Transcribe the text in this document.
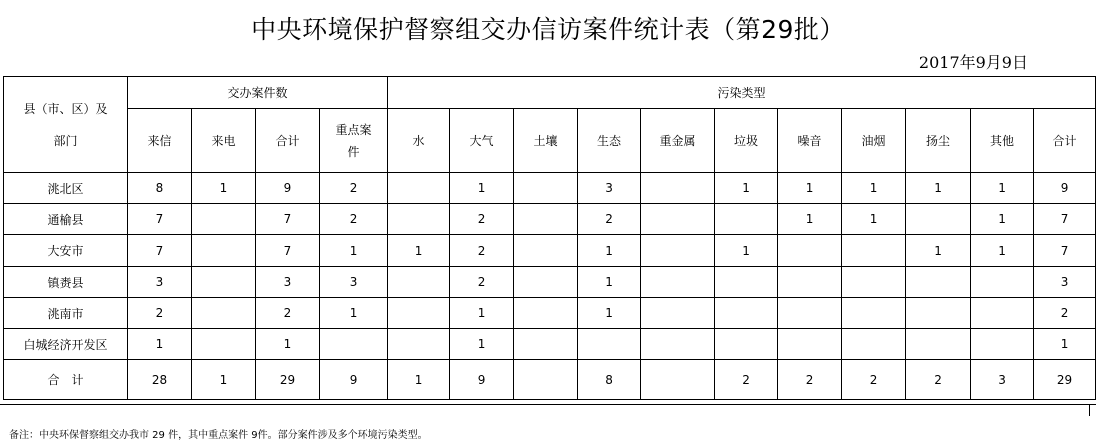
中央环境保护督察组交办信访案件统计表（第29批）
2017年9月9日
县（市、区）及部门	交办案件数				污染类型										

	来信	来电	合计	重点案件	水	大气	土壤	生态	重金属	垃圾	噪音	油烟	扬尘	其他	合计

洮北区	8	1	9	2		1		3		1	1	1	1	1	9
通榆县	7		7	2		2		2			1	1		1	7
大安市	7		7	1	1	2		1		1			1	1	7
镇赉县	3		3	3		2		1							3
洮南市	2		2	1		1		1							2
白城经济开发区	1		1			1									1
合　计	28	1	29	9	1	9		8		2	2	2	2	3	29
备注：中央环保督察组交办我市 29 件，其中重点案件 9件。部分案件涉及多个环境污染类型。
